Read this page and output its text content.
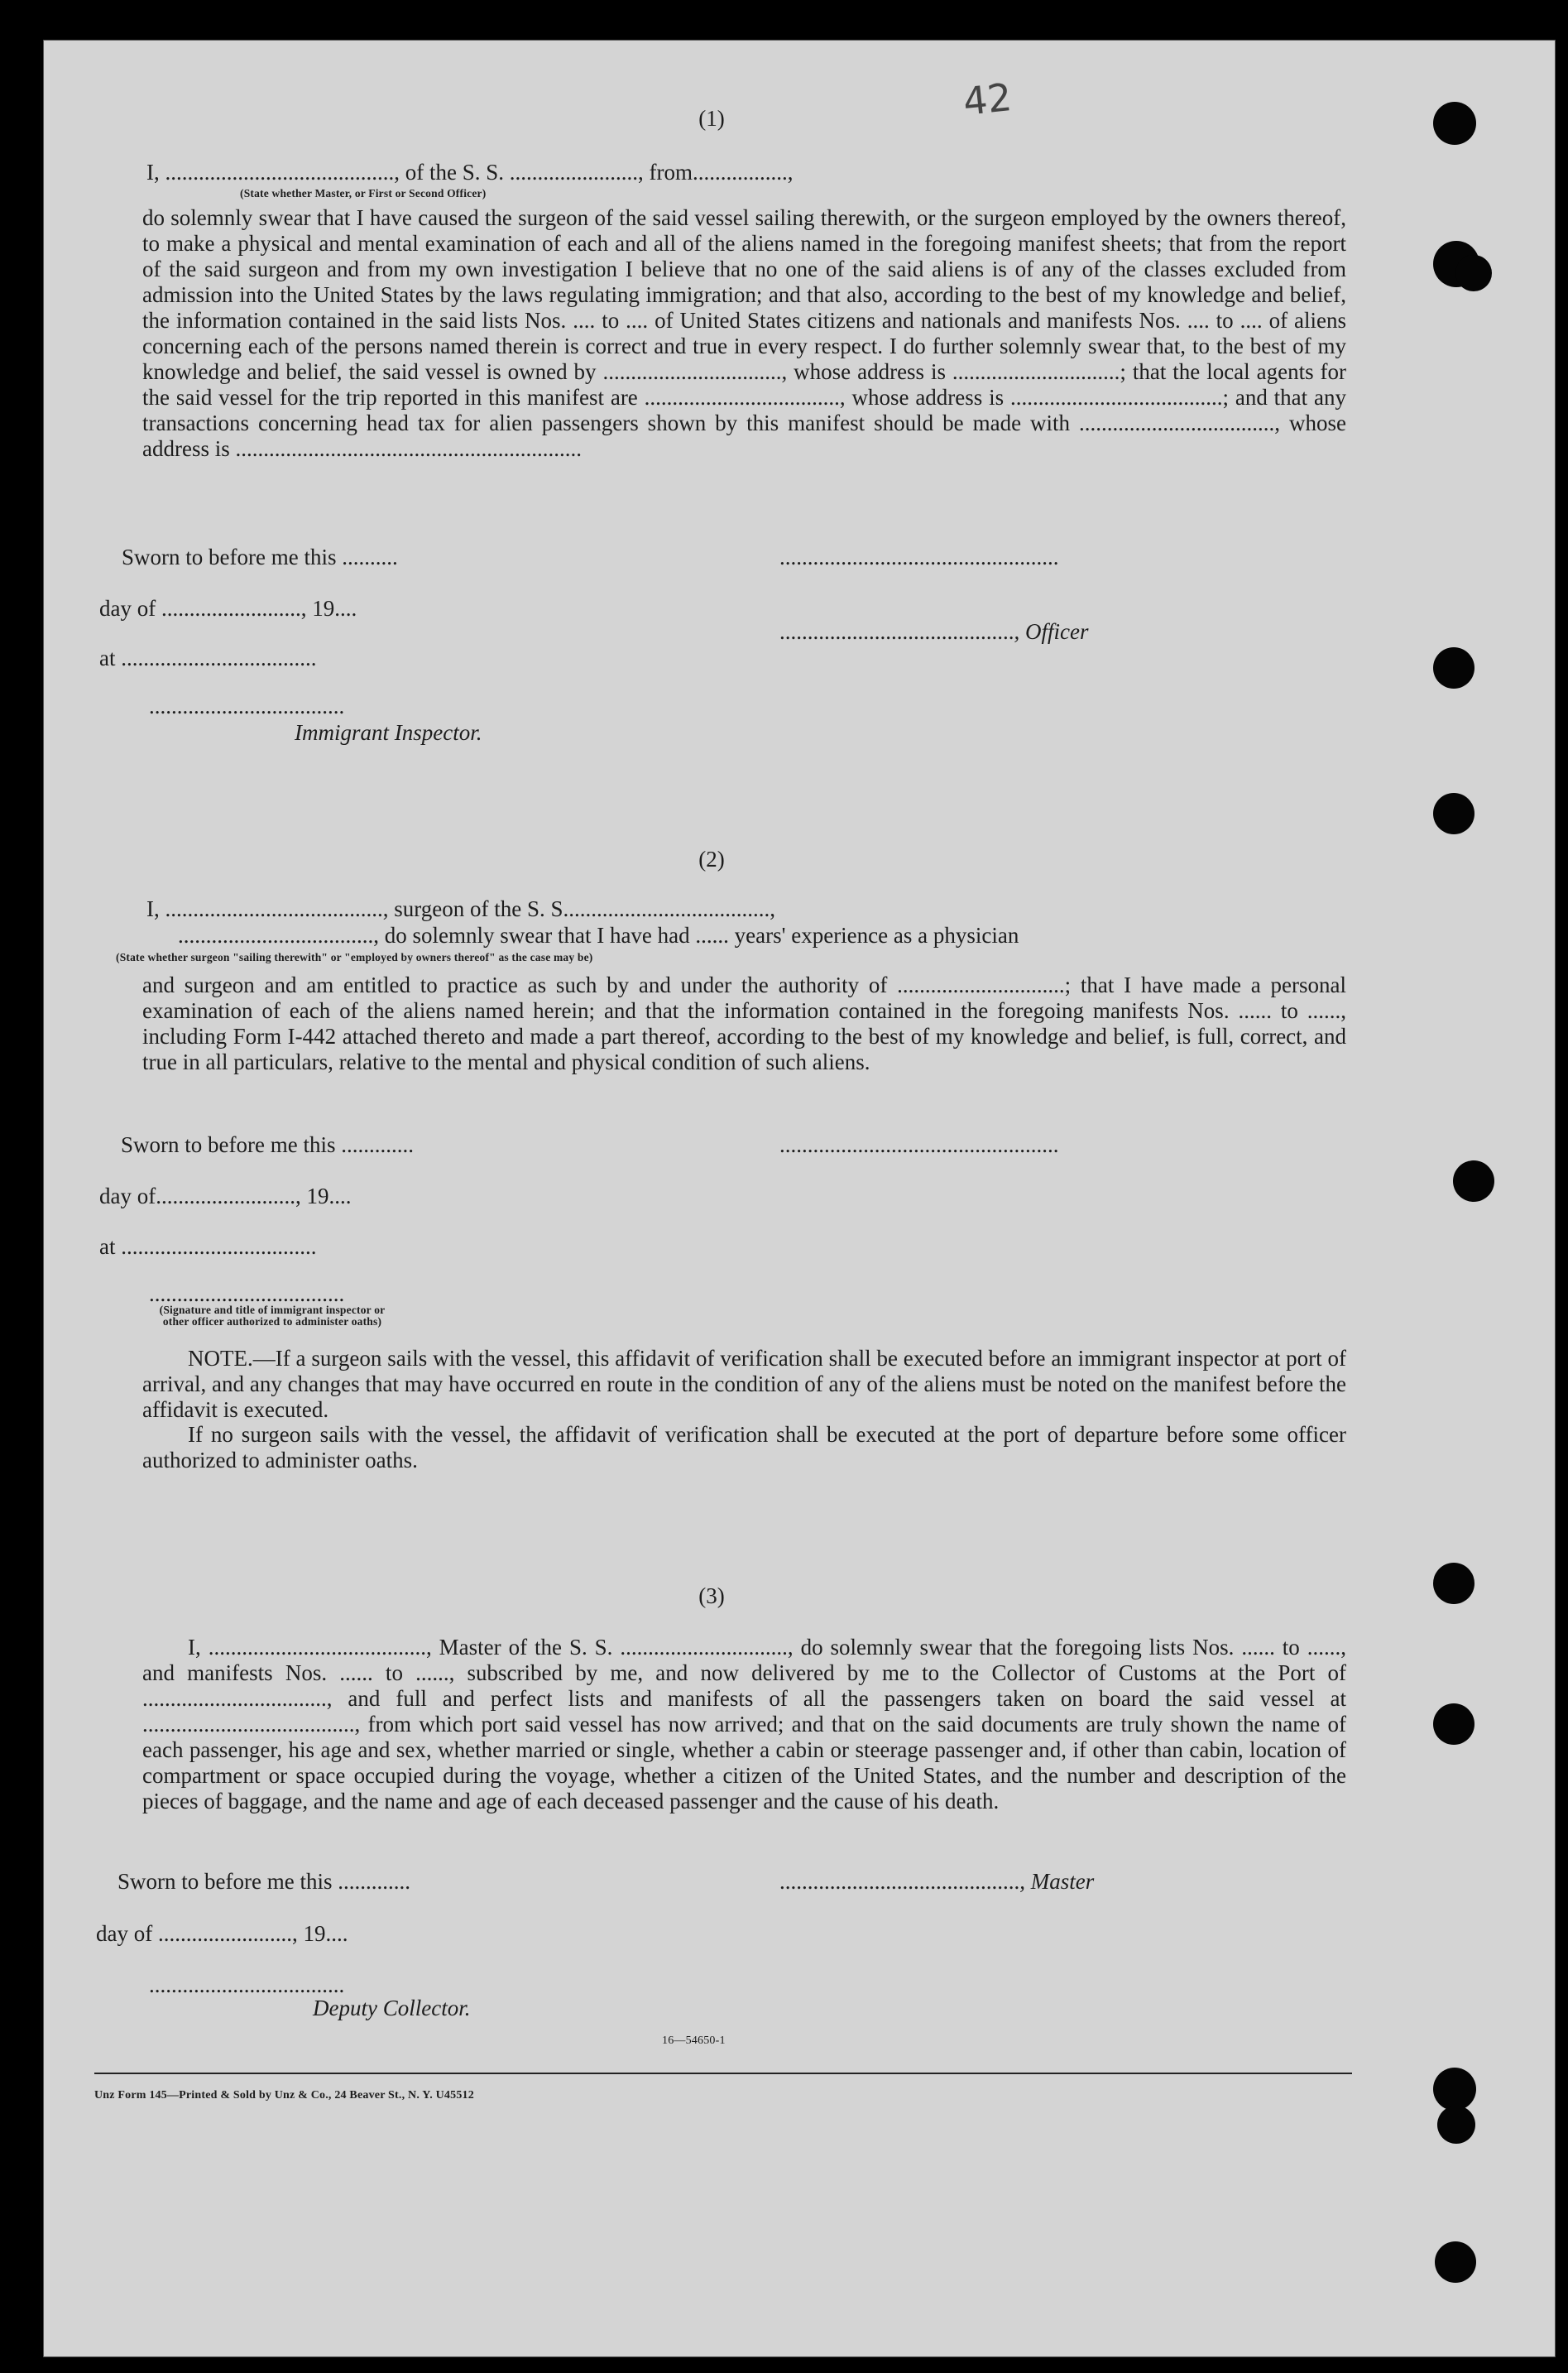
42
(1)
I, ........................................., of the S. S. ......................., from.................,
(State whether Master, or First or Second Officer)
do solemnly swear that I have caused the surgeon of the said vessel sailing therewith, or the surgeon employed by the owners thereof, to make a physical and mental examination of each and all of the aliens named in the foregoing manifest sheets; that from the report of the said surgeon and from my own investigation I believe that no one of the said aliens is of any of the classes excluded from admission into the United States by the laws regulating immigration; and that also, according to the best of my knowledge and belief, the information contained in the said lists Nos. .... to .... of United States citizens and nationals and manifests Nos. .... to .... of aliens concerning each of the persons named therein is correct and true in every respect. I do further solemnly swear that, to the best of my knowledge and belief, the said vessel is owned by ................................, whose address is ..............................; that the local agents for the said vessel for the trip reported in this manifest are ..................................., whose address is ......................................; and that any transactions concerning head tax for alien passengers shown by this manifest should be made with ..................................., whose address is ..............................................................
Sworn to before me this ..........	..................................................
day of ........................., 19....
.........................................., Officer
at ...................................
...................................
Immigrant Inspector.
(2)
I, ......................................., surgeon of the S. S.....................................,
..................................., do solemnly swear that I have had ...... years' experience as a physician
(State whether surgeon "sailing therewith" or "employed by owners thereof" as the case may be)
and surgeon and am entitled to practice as such by and under the authority of ..............................; that I have made a personal examination of each of the aliens named herein; and that the information contained in the foregoing manifests Nos. ...... to ......, including Form I-442 attached thereto and made a part thereof, according to the best of my knowledge and belief, is full, correct, and true in all particulars, relative to the mental and physical condition of such aliens.
Sworn to before me this .............	..................................................
day of........................., 19....
at ...................................
...................................
(Signature and title of immigrant inspector or other officer authorized to administer oaths)
NOTE.—If a surgeon sails with the vessel, this affidavit of verification shall be executed before an immigrant inspector at port of arrival, and any changes that may have occurred en route in the condition of any of the aliens must be noted on the manifest before the affidavit is executed.
If no surgeon sails with the vessel, the affidavit of verification shall be executed at the port of departure before some officer authorized to administer oaths.
(3)
I, ......................................., Master of the S. S. .............................., do solemnly swear that the foregoing lists Nos. ...... to ......, and manifests Nos. ...... to ......, subscribed by me, and now delivered by me to the Collector of Customs at the Port of ................................., and full and perfect lists and manifests of all the passengers taken on board the said vessel at ......................................, from which port said vessel has now arrived; and that on the said documents are truly shown the name of each passenger, his age and sex, whether married or single, whether a cabin or steerage passenger and, if other than cabin, location of compartment or space occupied during the voyage, whether a citizen of the United States, and the number and description of the pieces of baggage, and the name and age of each deceased passenger and the cause of his death.
Sworn to before me this .............	..........................................., Master
day of ........................, 19....
...................................
Deputy Collector.
16—54650-1
Unz Form 145—Printed & Sold by Unz & Co., 24 Beaver St., N. Y. U45512
